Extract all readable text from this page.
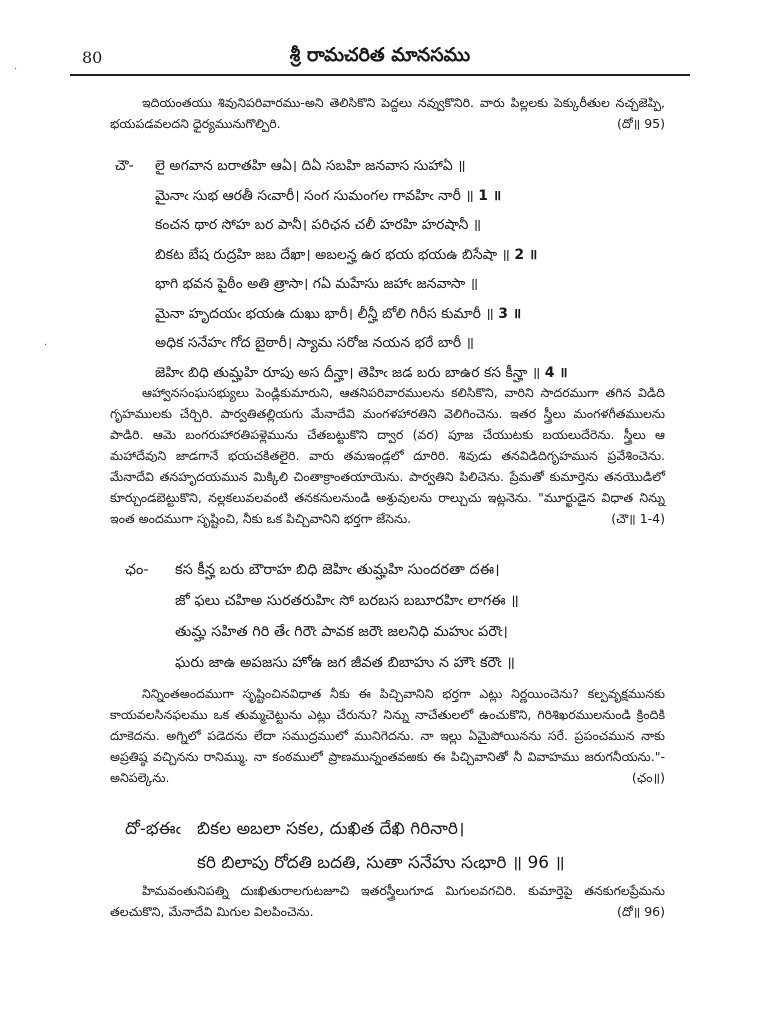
80	శ్రీ రామచరిత మానసము
·
·
ఇదియంతయు శివునిపరివారము-అని తెలిసికొని పెద్దలు నవ్వుకొనిరి. వారు పిల్లలకు పెక్కురీతుల నచ్చజెప్పి, భయపడవలదని ధైర్యమునుగొల్పిరి.	(దో॥ 95)
చౌ-లై అగవాన బరాతహి ఆఏ। దిఏ సబహి జనవాస సుహాఏ ॥
మైనాఁ సుభ ఆరతీ సఁవారీ। సంగ సుమంగల గావహిఁ నారీ ॥ 1 ॥
కంచన థార సోహ బర పానీ। పరిఛన చలీ హరహి హరషానీ ॥
బికట బేష రుద్రహి జబ దేఖా। అబలన్హ ఉర భయ భయఉ బిసేషా ॥ 2 ॥
భాగి భవన పైఠీం అతి త్రాసా। గఏ మహేసు జహాఁ జనవాసా ॥
మైనా హృదయఁ భయఉ దుఖు భారీ। లీన్హీ బోలి గిరీస కుమారీ ॥ 3 ॥
అధిక సనేహఁ గోద బైఠారీ। స్యామ సరోజ నయన భరే బారీ ॥
జెహిఁ బిధి తుమ్హహి రూపు అస దీన్హా। తెహిఁ జడ బరు బాఉర కస కీన్హా ॥ 4 ॥
ఆహ్వానసంఘసభ్యులు పెండ్లికుమారుని, ఆతనిపరివారములను కలిసికొని, వారిని సాదరముగా తగిన విడిది గృహములకు చేర్చిరి. పార్వతితల్లియగు మేనాదేవి మంగళహారతిని వెలిగించెను. ఇతర స్త్రీలు మంగళగీతములను పాడిరి. ఆమె బంగరుహారతిపళ్లెమును చేతబట్టుకొని ద్వార (వర) పూజ చేయుటకు బయలుదేరెను. స్త్రీలు ఆ మహాదేవుని జాడగానే భయచకితలైరి. వారు తమఇండ్లలో దూరిరి. శివుడు తనవిడిదిగృహమున ప్రవేశించెను. మేనాదేవి తనహృదయమున మిక్కిలి చింతాక్రాంతయాయెను. పార్వతిని పిలిచెను. ప్రేమతో కుమార్తెను తనయొడిలో కూర్చుండబెట్టుకొని, నల్లకలువలవంటి తనకనులనుండి అశ్రువులను రాల్చుచు ఇట్లనెను. "మూర్ఖుడైన విధాత నిన్ను ఇంత అందముగా సృష్టించి, నీకు ఒక పిచ్చివానిని భర్తగా జేసెను.	(చౌ॥ 1-4)
ఛం-కస కీన్హ బరు బౌరాహ బిధి జెహిఁ తుమ్హహి సుందరతా దఈ।
జో ఫలు చహిఅ సురతరుహిఁ సో బరబస బబూరహిఁ లాగఈ ॥
తుమ్హ సహిత గిరి తేఁ గిరౌఁ పావక జరౌఁ జలనిధి మహుఁ పరౌఁ।
ఘరు జాఉ అపజసు హోఉ జగ జీవత బిబాహు న హౌఁ కరౌఁ ॥
నిన్నింతఅందముగా సృష్టించినవిధాత నీకు ఈ పిచ్చివానిని భర్తగా ఎట్లు నిర్ణయించెను? కల్పవృక్షమునకు కాయవలసినఫలము ఒక తుమ్మచెట్టును ఎట్లు చేరును? నిన్ను నాచేతులలో ఉంచుకొని, గిరిశిఖరములనుండి క్రిందికి దూకెదను. అగ్నిలో పడెదను లేదా సముద్రములో మునిగెదను. నా ఇల్లు ఏమైపోయినను సరే. ప్రపంచమున నాకు అప్రతిష్ఠ వచ్చినను రానిమ్ము. నా కంఠములో ప్రాణమున్నంతవఱకు ఈ పిచ్చివానితో నీ వివాహము జరుగనీయను."- అనిపల్కెను.	(ఛం॥)
దో-భఈఁబికల అబలా సకల, దుఖిత దేఖి గిరినారి।
కరి బిలాపు రోదతి బదతి, సుతా సనేహు సఁభారి ॥ 96 ॥
హిమవంతునిపత్ని దుఃఖితురాలగుటజూచి ఇతరస్త్రీలుగూడ మిగులవగచిరి. కుమార్తెపై తనకుగలప్రేమను తలచుకొని, మేనాదేవి మిగుల విలపించెను.	(దో॥ 96)
